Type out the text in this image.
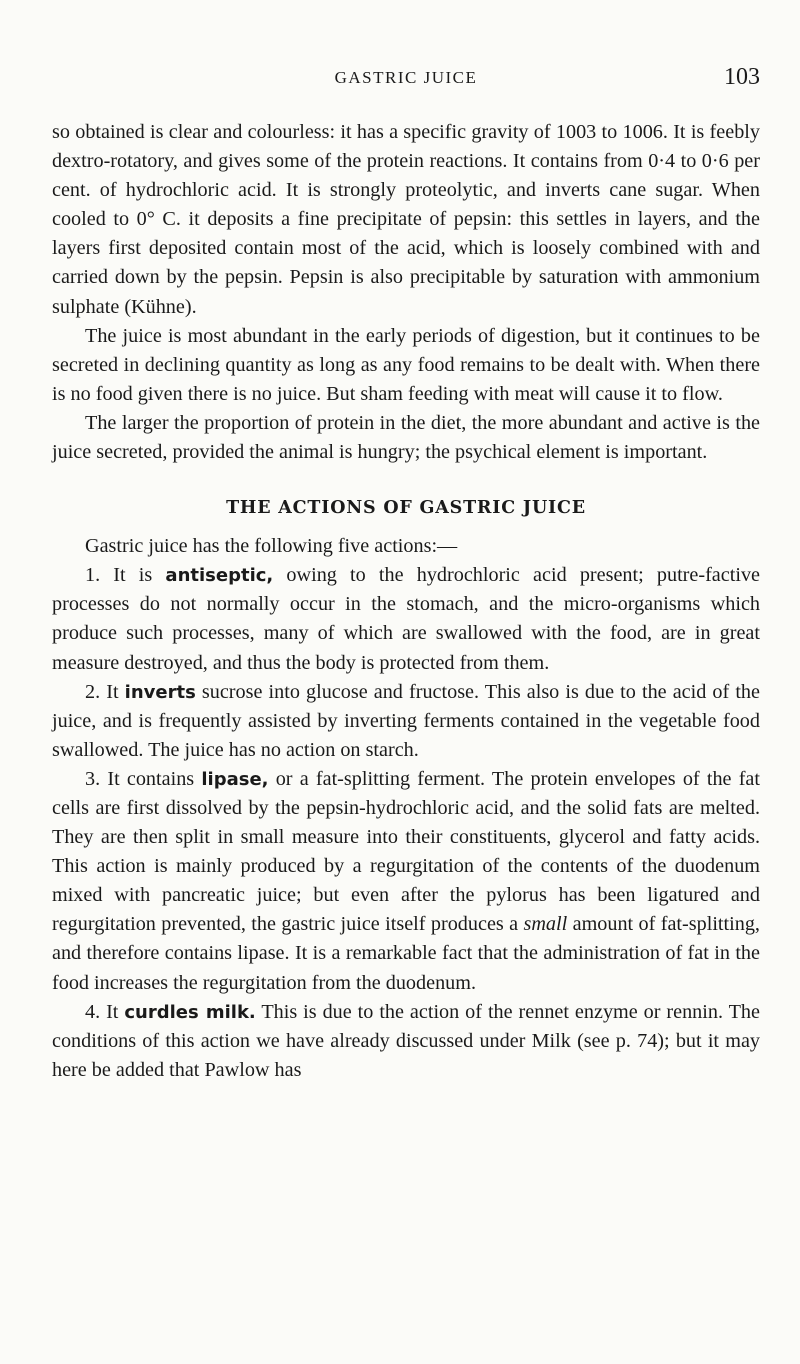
GASTRIC JUICE	103

so obtained is clear and colourless: it has a specific gravity of 1003 to 1006. It is feebly dextro-rotatory, and gives some of the protein reactions. It contains from 0·4 to 0·6 per cent. of hydrochloric acid. It is strongly proteolytic, and inverts cane sugar. When cooled to 0° C. it deposits a fine precipitate of pepsin: this settles in layers, and the layers first deposited contain most of the acid, which is loosely combined with and carried down by the pepsin. Pepsin is also precipitable by saturation with ammonium sulphate (Kühne).

The juice is most abundant in the early periods of digestion, but it continues to be secreted in declining quantity as long as any food remains to be dealt with. When there is no food given there is no juice. But sham feeding with meat will cause it to flow.

The larger the proportion of protein in the diet, the more abundant and active is the juice secreted, provided the animal is hungry; the psychical element is important.

THE ACTIONS OF GASTRIC JUICE

Gastric juice has the following five actions:—

1. It is antiseptic, owing to the hydrochloric acid present; putre-factive processes do not normally occur in the stomach, and the micro-organisms which produce such processes, many of which are swallowed with the food, are in great measure destroyed, and thus the body is protected from them.

2. It inverts sucrose into glucose and fructose. This also is due to the acid of the juice, and is frequently assisted by inverting ferments contained in the vegetable food swallowed. The juice has no action on starch.

3. It contains lipase, or a fat-splitting ferment. The protein envelopes of the fat cells are first dissolved by the pepsin-hydrochloric acid, and the solid fats are melted. They are then split in small measure into their constituents, glycerol and fatty acids. This action is mainly produced by a regurgitation of the contents of the duodenum mixed with pancreatic juice; but even after the pylorus has been ligatured and regurgitation prevented, the gastric juice itself produces a small amount of fat-splitting, and therefore contains lipase. It is a remarkable fact that the administration of fat in the food increases the regurgitation from the duodenum.

4. It curdles milk. This is due to the action of the rennet enzyme or rennin. The conditions of this action we have already discussed under Milk (see p. 74); but it may here be added that Pawlow has
